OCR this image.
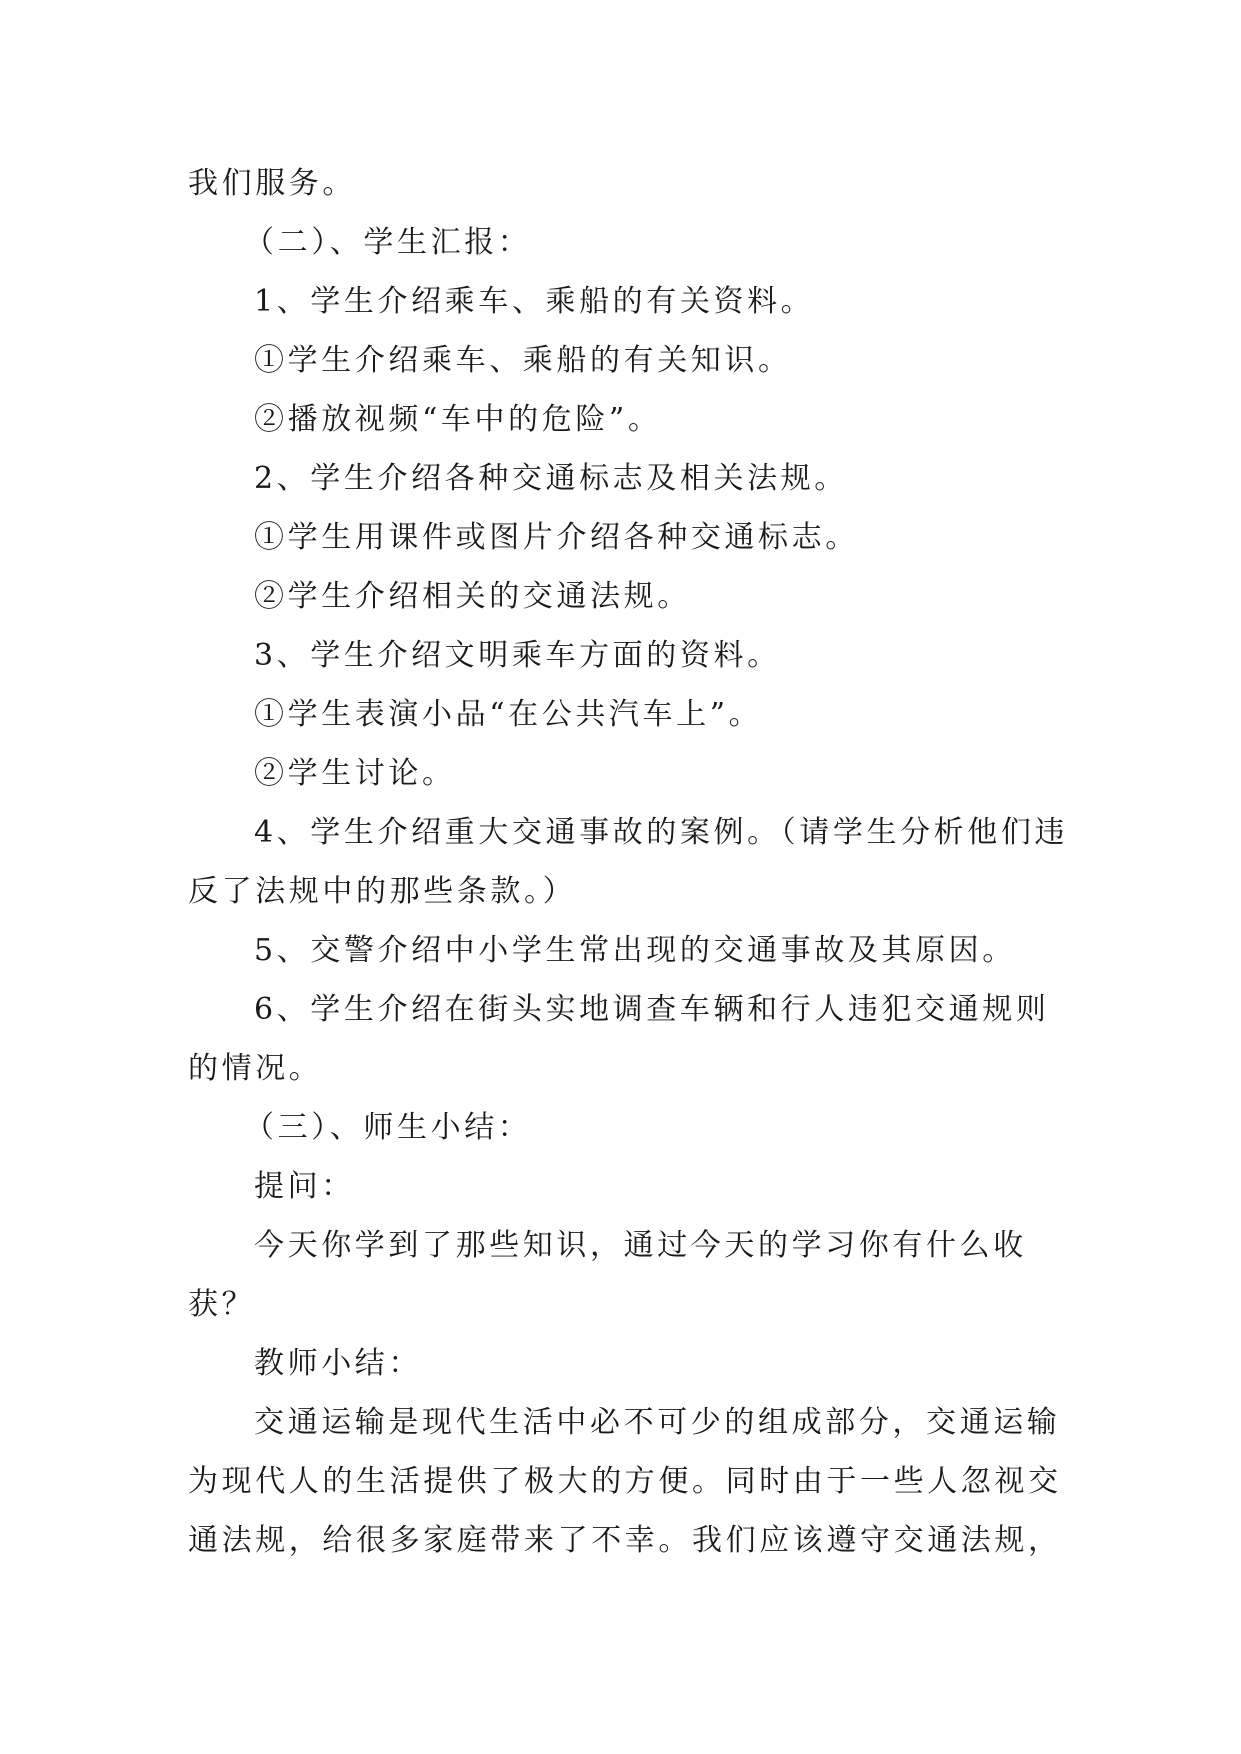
我们服务。
（二）、学生汇报：
1、学生介绍乘车、乘船的有关资料。
①学生介绍乘车、乘船的有关知识。
②播放视频“车中的危险”。
2、学生介绍各种交通标志及相关法规。
①学生用课件或图片介绍各种交通标志。
②学生介绍相关的交通法规。
3、学生介绍文明乘车方面的资料。
①学生表演小品“在公共汽车上”。
②学生讨论。
4、学生介绍重大交通事故的案例。（请学生分析他们违
反了法规中的那些条款。）
5、交警介绍中小学生常出现的交通事故及其原因。
6、学生介绍在街头实地调查车辆和行人违犯交通规则
的情况。
（三）、师生小结：
提问：
今天你学到了那些知识，通过今天的学习你有什么收
获？
教师小结：
交通运输是现代生活中必不可少的组成部分，交通运输
为现代人的生活提供了极大的方便。同时由于一些人忽视交
通法规，给很多家庭带来了不幸。我们应该遵守交通法规，
